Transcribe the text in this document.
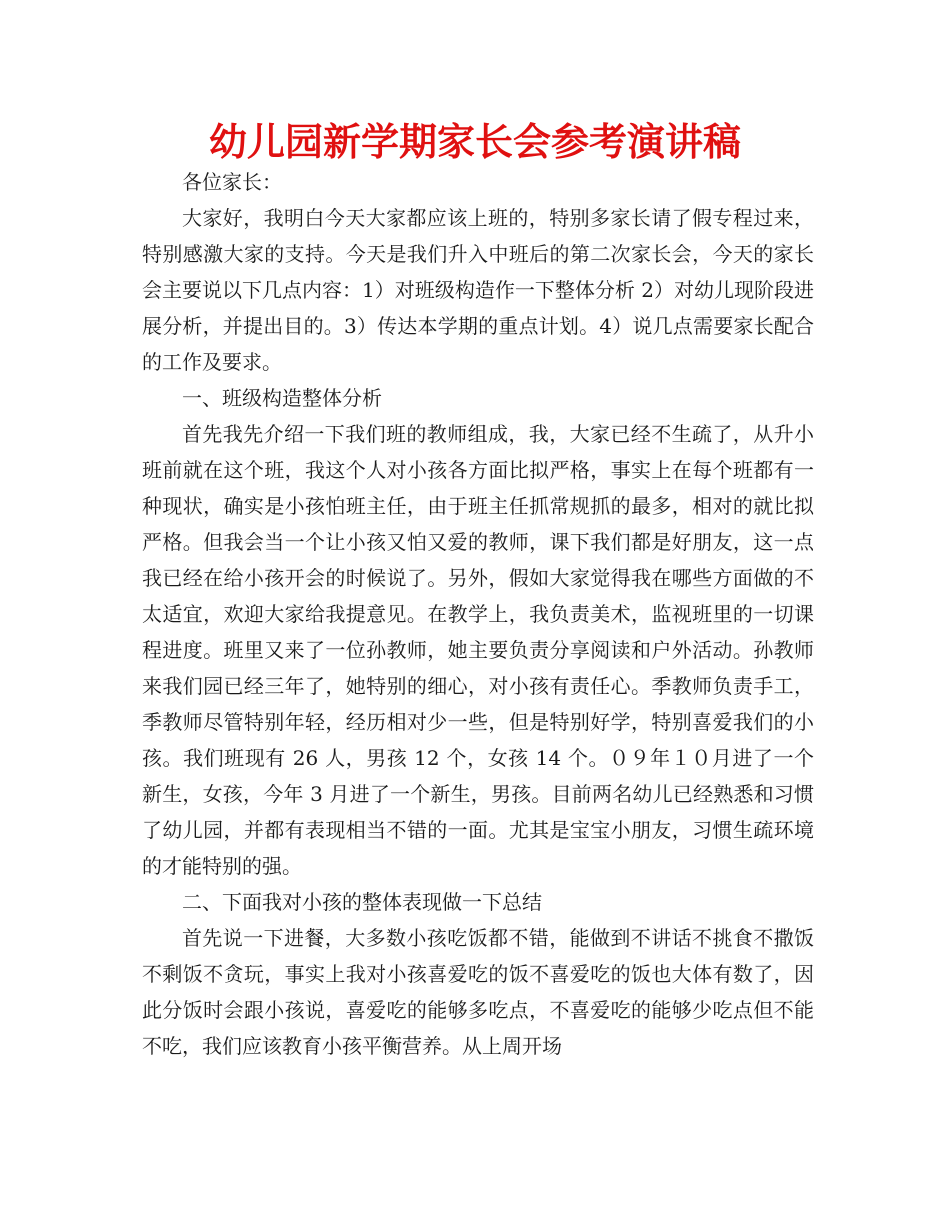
幼儿园新学期家长会参考演讲稿

各位家长：

大家好，我明白今天大家都应该上班的，特别多家长请了假专程过来，特别感激大家的支持。今天是我们升入中班后的第二次家长会，今天的家长会主要说以下几点内容：1）对班级构造作一下整体分析 2）对幼儿现阶段进展分析，并提出目的。3）传达本学期的重点计划。4）说几点需要家长配合的工作及要求。

一、班级构造整体分析

首先我先介绍一下我们班的教师组成，我，大家已经不生疏了，从升小班前就在这个班，我这个人对小孩各方面比拟严格，事实上在每个班都有一种现状，确实是小孩怕班主任，由于班主任抓常规抓的最多，相对的就比拟严格。但我会当一个让小孩又怕又爱的教师，课下我们都是好朋友，这一点我已经在给小孩开会的时候说了。另外，假如大家觉得我在哪些方面做的不太适宜，欢迎大家给我提意见。在教学上，我负责美术，监视班里的一切课程进度。班里又来了一位孙教师，她主要负责分享阅读和户外活动。孙教师来我们园已经三年了，她特别的细心，对小孩有责任心。季教师负责手工，季教师尽管特别年轻，经历相对少一些，但是特别好学，特别喜爱我们的小孩。我们班现有 26 人，男孩 12 个，女孩 14 个。０９年１０月进了一个新生，女孩，今年 3 月进了一个新生，男孩。目前两名幼儿已经熟悉和习惯了幼儿园，并都有表现相当不错的一面。尤其是宝宝小朋友，习惯生疏环境的才能特别的强。

二、下面我对小孩的整体表现做一下总结

首先说一下进餐，大多数小孩吃饭都不错，能做到不讲话不挑食不撒饭不剩饭不贪玩，事实上我对小孩喜爱吃的饭不喜爱吃的饭也大体有数了，因此分饭时会跟小孩说，喜爱吃的能够多吃点，不喜爱吃的能够少吃点但不能不吃，我们应该教育小孩平衡营养。从上周开场
